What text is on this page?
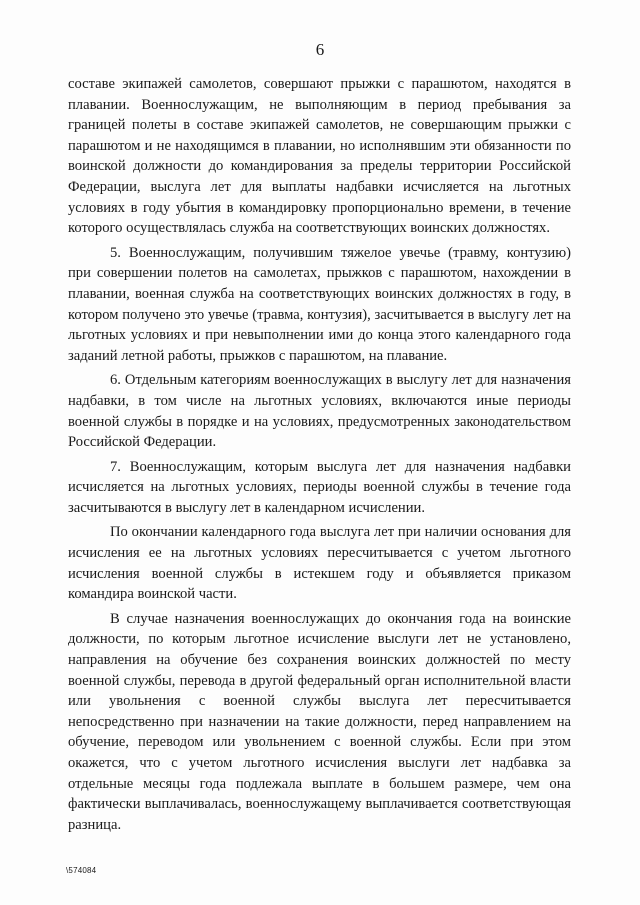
6

составе экипажей самолетов, совершают прыжки с парашютом, находятся в плавании. Военнослужащим, не выполняющим в период пребывания за границей полеты в составе экипажей самолетов, не совершающим прыжки с парашютом и не находящимся в плавании, но исполнявшим эти обязанности по воинской должности до командирования за пределы территории Российской Федерации, выслуга лет для выплаты надбавки исчисляется на льготных условиях в году убытия в командировку пропорционально времени, в течение которого осуществлялась служба на соответствующих воинских должностях.

5. Военнослужащим, получившим тяжелое увечье (травму, контузию) при совершении полетов на самолетах, прыжков с парашютом, нахождении в плавании, военная служба на соответствующих воинских должностях в году, в котором получено это увечье (травма, контузия), засчитывается в выслугу лет на льготных условиях и при невыполнении ими до конца этого календарного года заданий летной работы, прыжков с парашютом, на плавание.

6. Отдельным категориям военнослужащих в выслугу лет для назначения надбавки, в том числе на льготных условиях, включаются иные периоды военной службы в порядке и на условиях, предусмотренных законодательством Российской Федерации.

7. Военнослужащим, которым выслуга лет для назначения надбавки исчисляется на льготных условиях, периоды военной службы в течение года засчитываются в выслугу лет в календарном исчислении.

По окончании календарного года выслуга лет при наличии основания для исчисления ее на льготных условиях пересчитывается с учетом льготного исчисления военной службы в истекшем году и объявляется приказом командира воинской части.

В случае назначения военнослужащих до окончания года на воинские должности, по которым льготное исчисление выслуги лет не установлено, направления на обучение без сохранения воинских должностей по месту военной службы, перевода в другой федеральный орган исполнительной власти или увольнения с военной службы выслуга лет пересчитывается непосредственно при назначении на такие должности, перед направлением на обучение, переводом или увольнением с военной службы. Если при этом окажется, что с учетом льготного исчисления выслуги лет надбавка за отдельные месяцы года подлежала выплате в большем размере, чем она фактически выплачивалась, военнослужащему выплачивается соответствующая разница.

\574084
